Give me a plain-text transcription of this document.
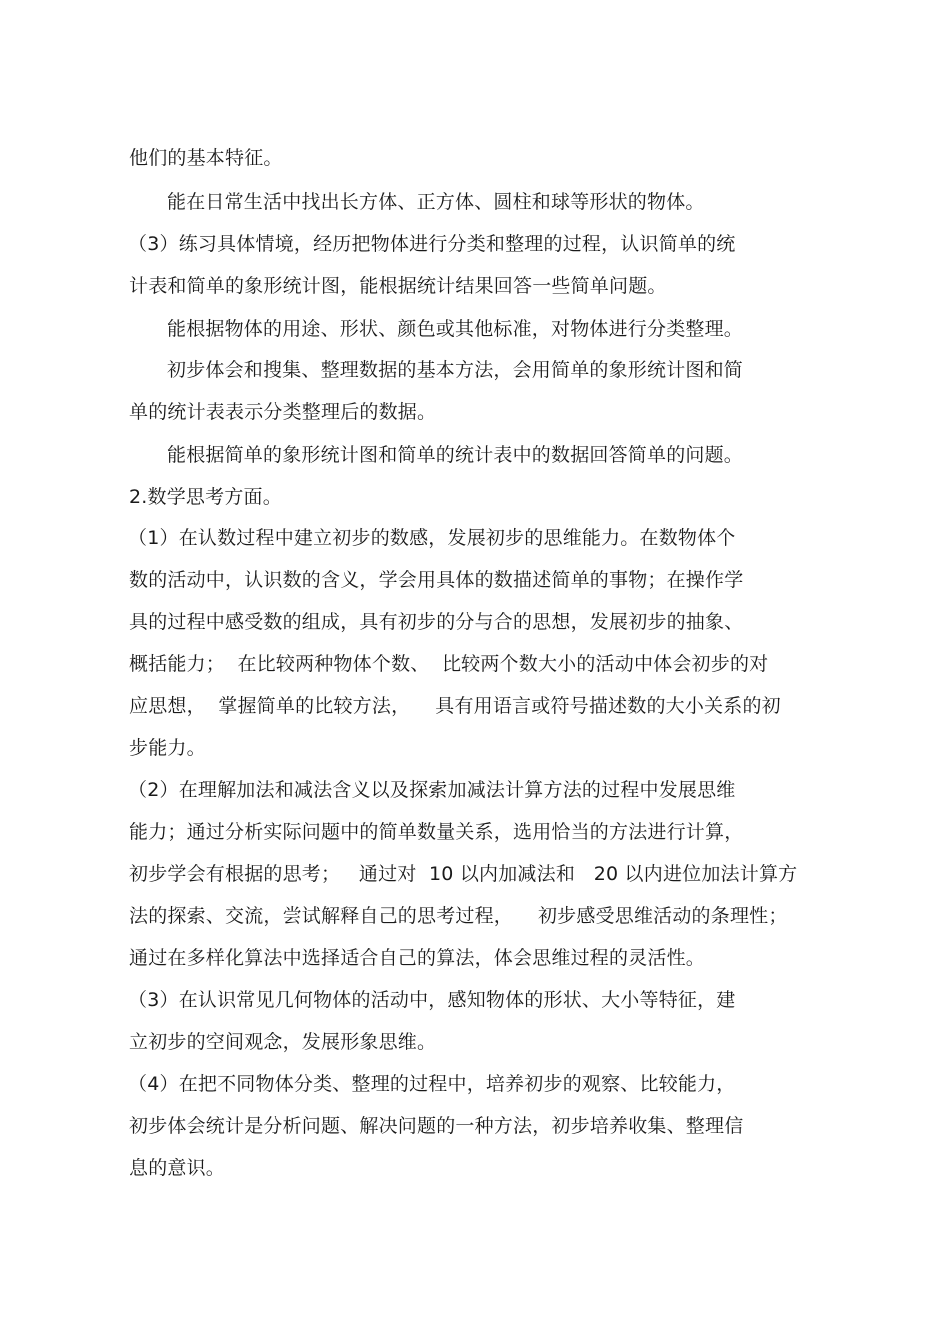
他们的基本特征。
能在日常生活中找出长方体、正方体、圆柱和球等形状的物体。
（3）练习具体情境，经历把物体进行分类和整理的过程，认识简单的统
计表和简单的象形统计图，能根据统计结果回答一些简单问题。
能根据物体的用途、形状、颜色或其他标准，对物体进行分类整理。
初步体会和搜集、整理数据的基本方法，会用简单的象形统计图和简
单的统计表表示分类整理后的数据。
能根据简单的象形统计图和简单的统计表中的数据回答简单的问题。
2.数学思考方面。
（1）在认数过程中建立初步的数感，发展初步的思维能力。在数物体个
数的活动中，认识数的含义，学会用具体的数描述简单的事物；在操作学
具的过程中感受数的组成，具有初步的分与合的思想，发展初步的抽象、
概括能力；  在比较两种物体个数、  比较两个数大小的活动中体会初步的对
应思想，  掌握简单的比较方法，    具有用语言或符号描述数的大小关系的初
步能力。
（2）在理解加法和减法含义以及探索加减法计算方法的过程中发展思维
能力；通过分析实际问题中的简单数量关系，选用恰当的方法进行计算，
初步学会有根据的思考；   通过对  10 以内加减法和   20 以内进位加法计算方
法的探索、交流，尝试解释自己的思考过程，    初步感受思维活动的条理性；
通过在多样化算法中选择适合自己的算法，体会思维过程的灵活性。
（3）在认识常见几何物体的活动中，感知物体的形状、大小等特征，建
立初步的空间观念，发展形象思维。
（4）在把不同物体分类、整理的过程中，培养初步的观察、比较能力，
初步体会统计是分析问题、解决问题的一种方法，初步培养收集、整理信
息的意识。
